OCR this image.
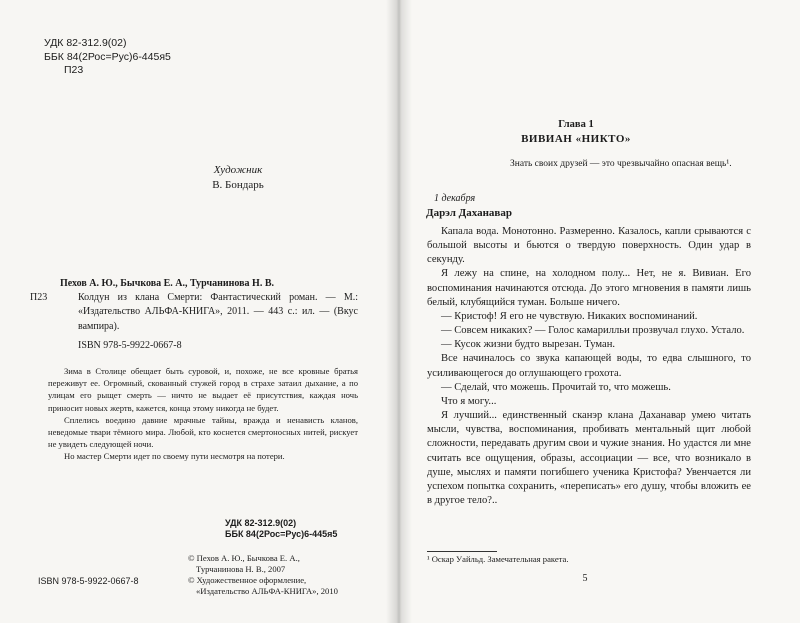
УДК 82-312.9(02)
ББК 84(2Рос=Рус)6-445я5
П23
Художник
В. Бондарь
П23
Пехов А. Ю., Бычкова Е. А., Турчанинова Н. В.
Колдун из клана Смерти: Фантастический роман. — М.: «Издательство АЛЬФА-КНИГА», 2011. — 443 с.: ил. — (Вкус вампира).
ISBN 978-5-9922-0667-8

Зима в Столице обещает быть суровой, и, похоже, не все кровные братья переживут ее. Огромный, скованный стужей город в страхе затаил дыхание, а по улицам его рыщет смерть — ничто не выдает её присутствия, каждая ночь приносит новых жертв, кажется, конца этому никогда не будет.

Сплелись воедино давние мрачные тайны, вражда и ненависть кланов, неведомые твари тёмного мира. Любой, кто коснется смертоносных нитей, рискует не увидеть следующей ночи.

Но мастер Смерти идет по своему пути несмотря на потери.

УДК 82-312.9(02)
ББК 84(2Рос=Рус)6-445я5
ISBN 978-5-9922-0667-8
© Пехов А. Ю., Бычкова Е. А.,
Турчанинова Н. В., 2007
© Художественное оформление,
«Издательство АЛЬФА-КНИГА», 2010
Глава 1
ВИВИАН «НИКТО»
Знать своих друзей — это чрезвычайно опасная вещь¹.
1 декабря
Дарэл Даханавар

Капала вода. Монотонно. Размеренно. Казалось, капли срываются с большой высоты и бьются о твердую поверхность. Один удар в секунду.

Я лежу на спине, на холодном полу... Нет, не я. Вивиан. Его воспоминания начинаются отсюда. До этого мгновения в памяти лишь белый, клубящийся туман. Больше ничего.

— Кристоф! Я его не чувствую. Никаких воспоминаний.

— Совсем никаких? — Голос камарилльи прозвучал глухо. Устало.

— Кусок жизни будто вырезан. Туман.

Все начиналось со звука капающей воды, то едва слышного, то усиливающегося до оглушающего грохота.

— Сделай, что можешь. Прочитай то, что можешь.

Что я могу...

Я лучший... единственный сканэр клана Даханавар умею читать мысли, чувства, воспоминания, пробивать ментальный щит любой сложности, передавать другим свои и чужие знания. Но удастся ли мне считать все ощущения, образы, ассоциации — все, что возникало в душе, мыслях и памяти погибшего ученика Кристофа? Увенчается ли успехом попытка сохранить, «переписать» его душу, чтобы вложить ее в другое тело?..

¹ Оскар Уайльд. Замечательная ракета.
5
